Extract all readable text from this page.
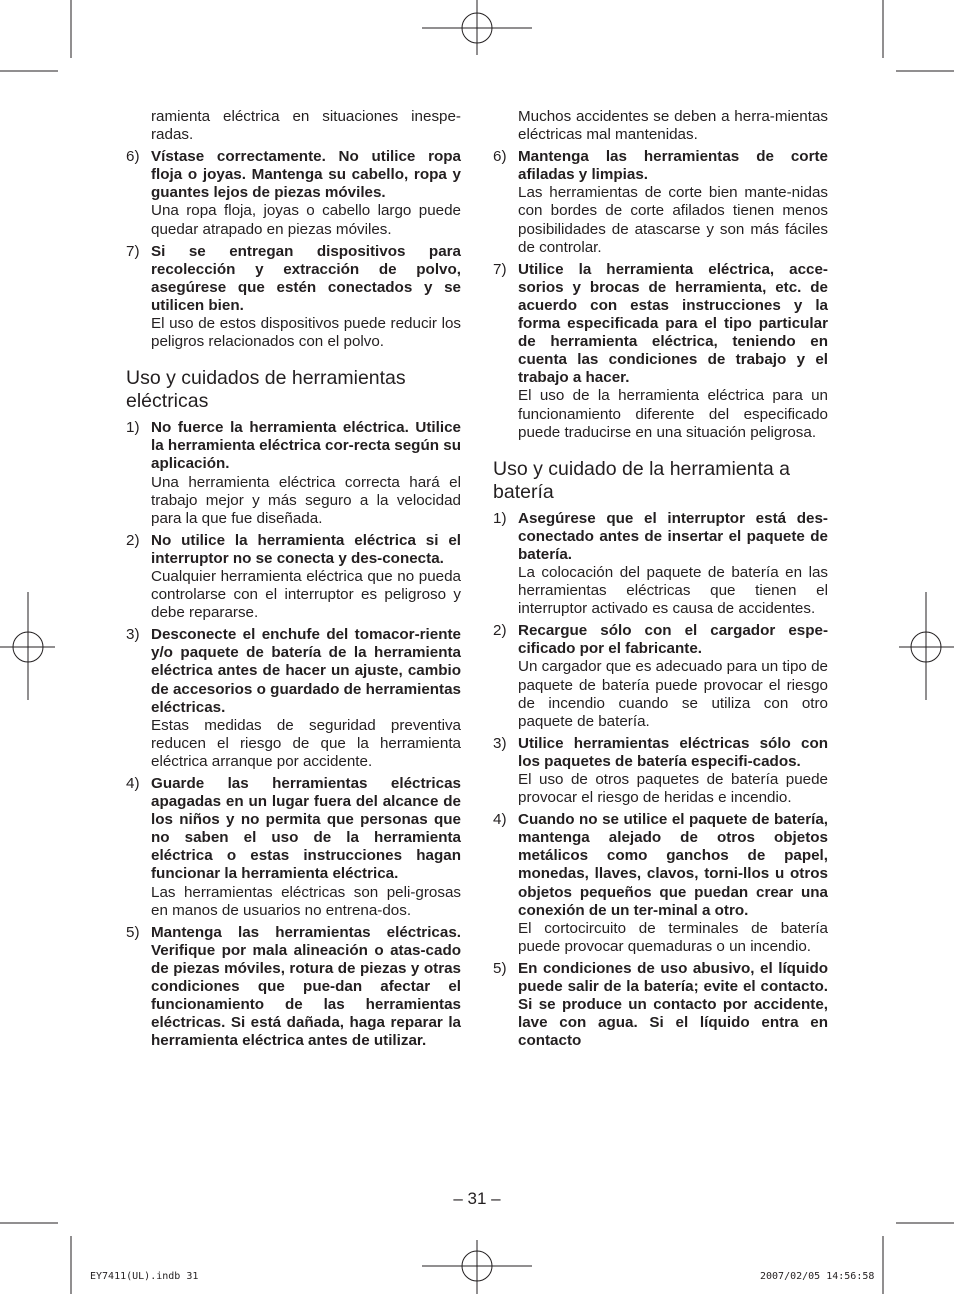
ramienta eléctrica en situaciones inespe-radas.
6) Vístase correctamente. No utilice ropa floja o joyas. Mantenga su cabello, ropa y guantes lejos de piezas móviles.
Una ropa floja, joyas o cabello largo puede quedar atrapado en piezas móviles.
7) Si se entregan dispositivos para recolección y extracción de polvo, asegúrese que estén conectados y se utilicen bien.
El uso de estos dispositivos puede reducir los peligros relacionados con el polvo.
Uso y cuidados de herramientas eléctricas
1) No fuerce la herramienta eléctrica. Utilice la herramienta eléctrica cor-recta según su aplicación.
Una herramienta eléctrica correcta hará el trabajo mejor y más seguro a la velocidad para la que fue diseñada.
2) No utilice la herramienta eléctrica si el interruptor no se conecta y des-conecta.
Cualquier herramienta eléctrica que no pueda controlarse con el interruptor es peligroso y debe repararse.
3) Desconecte el enchufe del tomacor-riente y/o paquete de batería de la herramienta eléctrica antes de hacer un ajuste, cambio de accesorios o guardado de herramientas eléctricas.
Estas medidas de seguridad preventiva reducen el riesgo de que la herramienta eléctrica arranque por accidente.
4) Guarde las herramientas eléctricas apagadas en un lugar fuera del alcance de los niños y no permita que personas que no saben el uso de la herramienta eléctrica o estas instrucciones hagan funcionar la herramienta eléctrica.
Las herramientas eléctricas son peli-grosas en manos de usuarios no entrena-dos.
5) Mantenga las herramientas eléctricas. Verifique por mala alineación o atas-cado de piezas móviles, rotura de piezas y otras condiciones que pue-dan afectar el funcionamiento de las herramientas eléctricas. Si está dañada, haga reparar la herramienta eléctrica antes de utilizar.
Muchos accidentes se deben a herra-mientas eléctricas mal mantenidas.
6) Mantenga las herramientas de corte afiladas y limpias.
Las herramientas de corte bien mante-nidas con bordes de corte afilados tienen menos posibilidades de atascarse y son más fáciles de controlar.
7) Utilice la herramienta eléctrica, acce-sorios y brocas de herramienta, etc. de acuerdo con estas instrucciones y la forma especificada para el tipo particular de herramienta eléctrica, teniendo en cuenta las condiciones de trabajo y el trabajo a hacer.
El uso de la herramienta eléctrica para un funcionamiento diferente del especificado puede traducirse en una situación peligrosa.
Uso y cuidado de la herramienta a batería
1) Asegúrese que el interruptor está des-conectado antes de insertar el paquete de batería.
La colocación del paquete de batería en las herramientas eléctricas que tienen el interruptor activado es causa de accidentes.
2) Recargue sólo con el cargador espe-cificado por el fabricante.
Un cargador que es adecuado para un tipo de paquete de batería puede provocar el riesgo de incendio cuando se utiliza con otro paquete de batería.
3) Utilice herramientas eléctricas sólo con los paquetes de batería especifi-cados.
El uso de otros paquetes de batería puede provocar el riesgo de heridas e incendio.
4) Cuando no se utilice el paquete de batería, mantenga alejado de otros objetos metálicos como ganchos de papel, monedas, llaves, clavos, torni-llos u otros objetos pequeños que puedan crear una conexión de un ter-minal a otro.
El cortocircuito de terminales de batería puede provocar quemaduras o un incendio.
5) En condiciones de uso abusivo, el líquido puede salir de la batería; evite el contacto. Si se produce un contacto por accidente, lave con agua. Si el líquido entra en contacto
– 31 –
EY7411(UL).indb 31	2007/02/05 14:56:58
